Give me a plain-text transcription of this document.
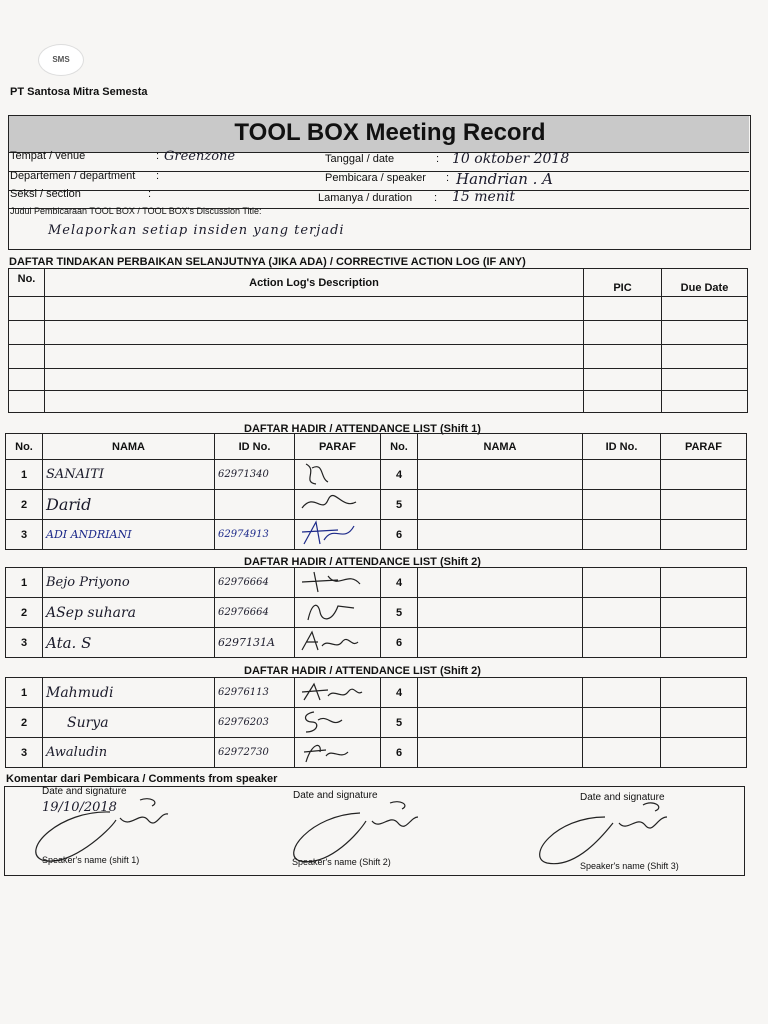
SMS
PT Santosa Mitra Semesta
TOOL BOX Meeting Record
Tempat / venue	: Greenzone	Tanggal / date	: 10 oktober 2018
Departemen / department :	Pembicara / speaker : Handrian . A
Seksi / section	:	Lamanya / duration : 15 menit
Judul Pembicaraan TOOL BOX / TOOL BOX's Discussion Title:
Melaporkan setiap insiden yang terjadi
DAFTAR TINDAKAN PERBAIKAN SELANJUTNYA (JIKA ADA) / CORRECTIVE ACTION LOG (IF ANY)
No.	Action Log's Description	PIC	Due Date

DAFTAR HADIR / ATTENDANCE LIST (Shift 1)
No.	NAMA	ID No.	PARAF	No.	NAMA	ID No.	PARAF
1	SANAITI	62971340		4			
2	Darid			5			
3	ADI ANDRIANI	62974913		6			
DAFTAR HADIR / ATTENDANCE LIST (Shift 2)
1	Bejo Priyono	62976664		4			
2	ASep suhara	62976664		5			
3	Ata. S	6297131A		6			
DAFTAR HADIR / ATTENDANCE LIST (Shift 2)
1	Mahmudi	62976113		4			
2	Surya	62976203		5			
3	Awaludin	62972730		6			
Komentar dari Pembicara / Comments from speaker
Date and signature
19/10/2018
Date and signature	Date and signature
Speaker's name (shift 1)	Speaker's name (Shift 2)	Speaker's name (Shift 3)
